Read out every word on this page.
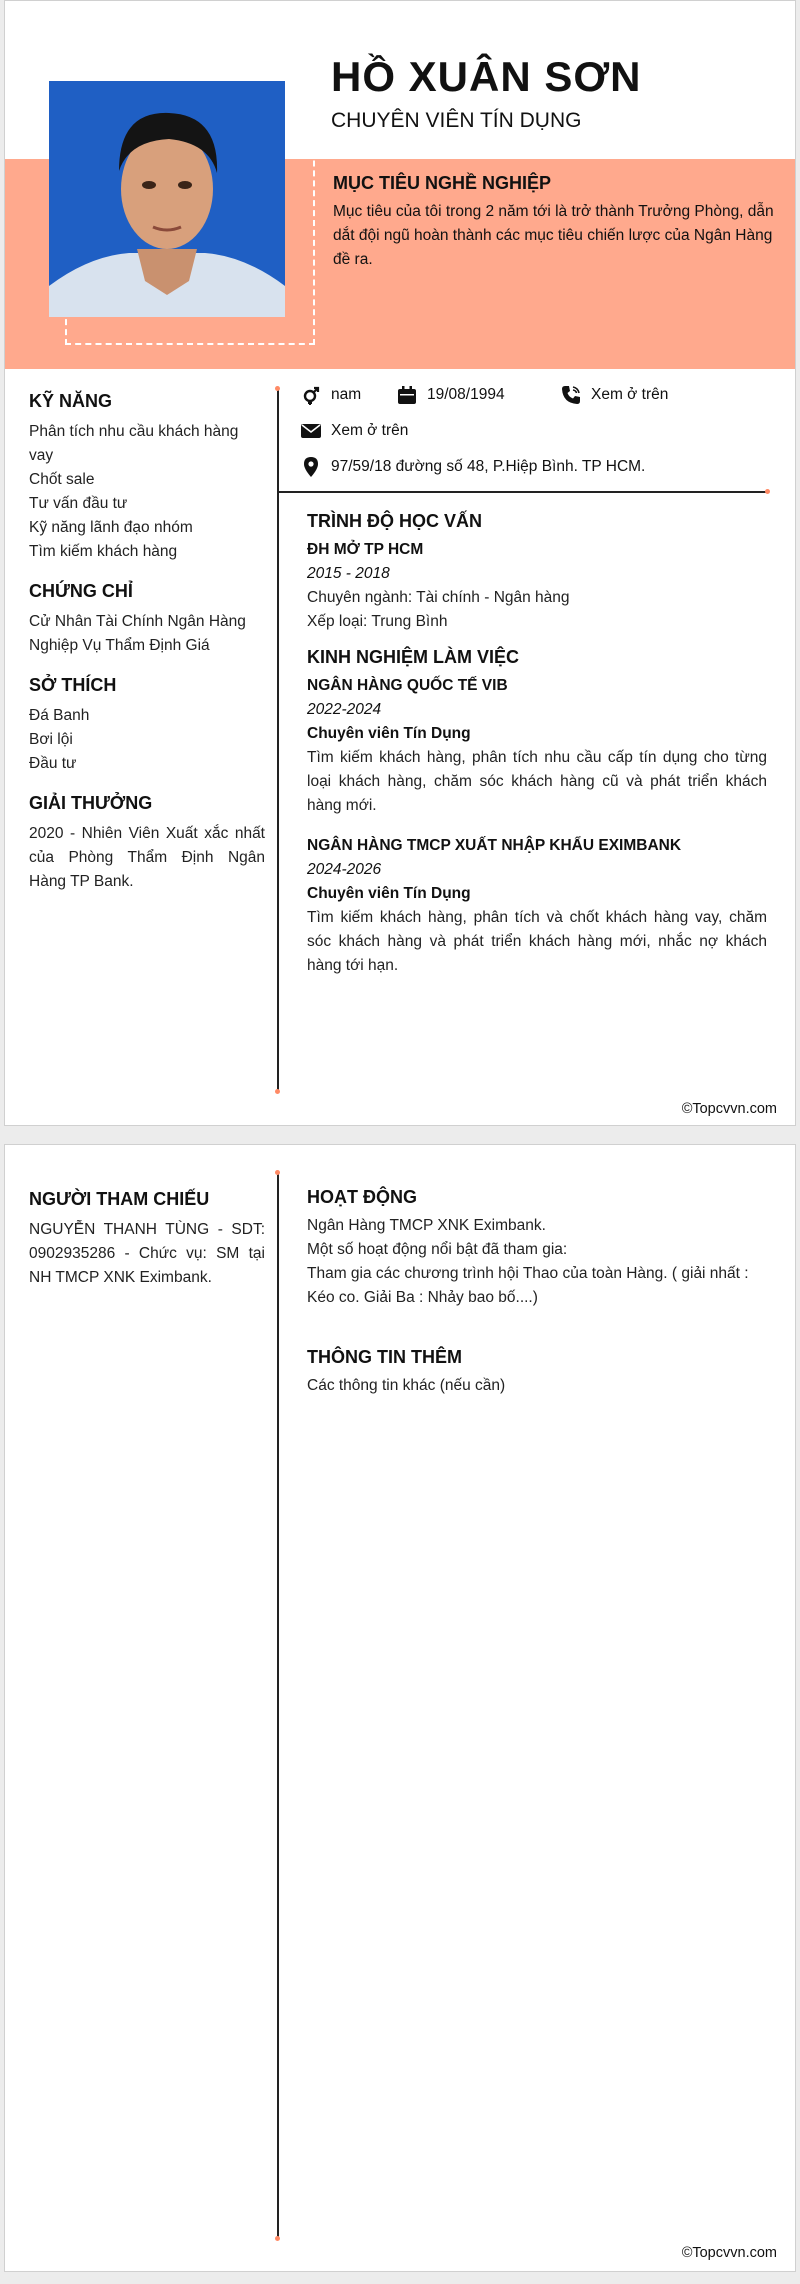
HỒ XUÂN SƠN
CHUYÊN VIÊN TÍN DỤNG
MỤC TIÊU NGHỀ NGHIỆP
Mục tiêu của tôi trong 2 năm tới là trở thành Trưởng Phòng, dẫn dắt đội ngũ hoàn thành các mục tiêu chiến lược của Ngân Hàng đề ra.
KỸ NĂNG
Phân tích nhu cầu khách hàng vay
Chốt sale
Tư vấn đầu tư
Kỹ năng lãnh đạo nhóm
Tìm kiếm khách hàng
CHỨNG CHỈ
Cử Nhân Tài Chính Ngân Hàng
Nghiệp Vụ Thẩm Định Giá
SỞ THÍCH
Đá Banh
Bơi lội
Đầu tư
GIẢI THƯỞNG
2020 - Nhiên Viên Xuất xắc nhất của Phòng Thẩm Định Ngân Hàng TP Bank.
nam	19/08/1994	Xem ở trên
Xem ở trên
97/59/18 đường số 48, P.Hiệp Bình. TP HCM.
TRÌNH ĐỘ HỌC VẤN
ĐH MỞ TP HCM
2015 - 2018
Chuyên ngành: Tài chính - Ngân hàng
Xếp loại: Trung Bình
KINH NGHIỆM LÀM VIỆC
NGÂN HÀNG QUỐC TẾ VIB
2022-2024
Chuyên viên Tín Dụng
Tìm kiếm khách hàng, phân tích nhu cầu cấp tín dụng cho từng loại khách hàng, chăm sóc khách hàng cũ và phát triển khách hàng mới.
NGÂN HÀNG TMCP XUẤT NHẬP KHẨU EXIMBANK
2024-2026
Chuyên viên Tín Dụng
Tìm kiếm khách hàng, phân tích và chốt khách hàng vay, chăm sóc khách hàng và phát triển khách hàng mới, nhắc nợ khách hàng tới hạn.
©Topcvvn.com
NGƯỜI THAM CHIẾU
NGUYỄN THANH TÙNG - SDT: 0902935286 - Chức vụ: SM tại NH TMCP XNK Eximbank.
HOẠT ĐỘNG
Ngân Hàng TMCP XNK Eximbank.
Một số hoạt động nổi bật đã tham gia:
Tham gia các chương trình hội Thao của toàn Hàng. ( giải nhất : Kéo co. Giải Ba : Nhảy bao bố....)
THÔNG TIN THÊM
Các thông tin khác (nếu cần)
©Topcvvn.com
